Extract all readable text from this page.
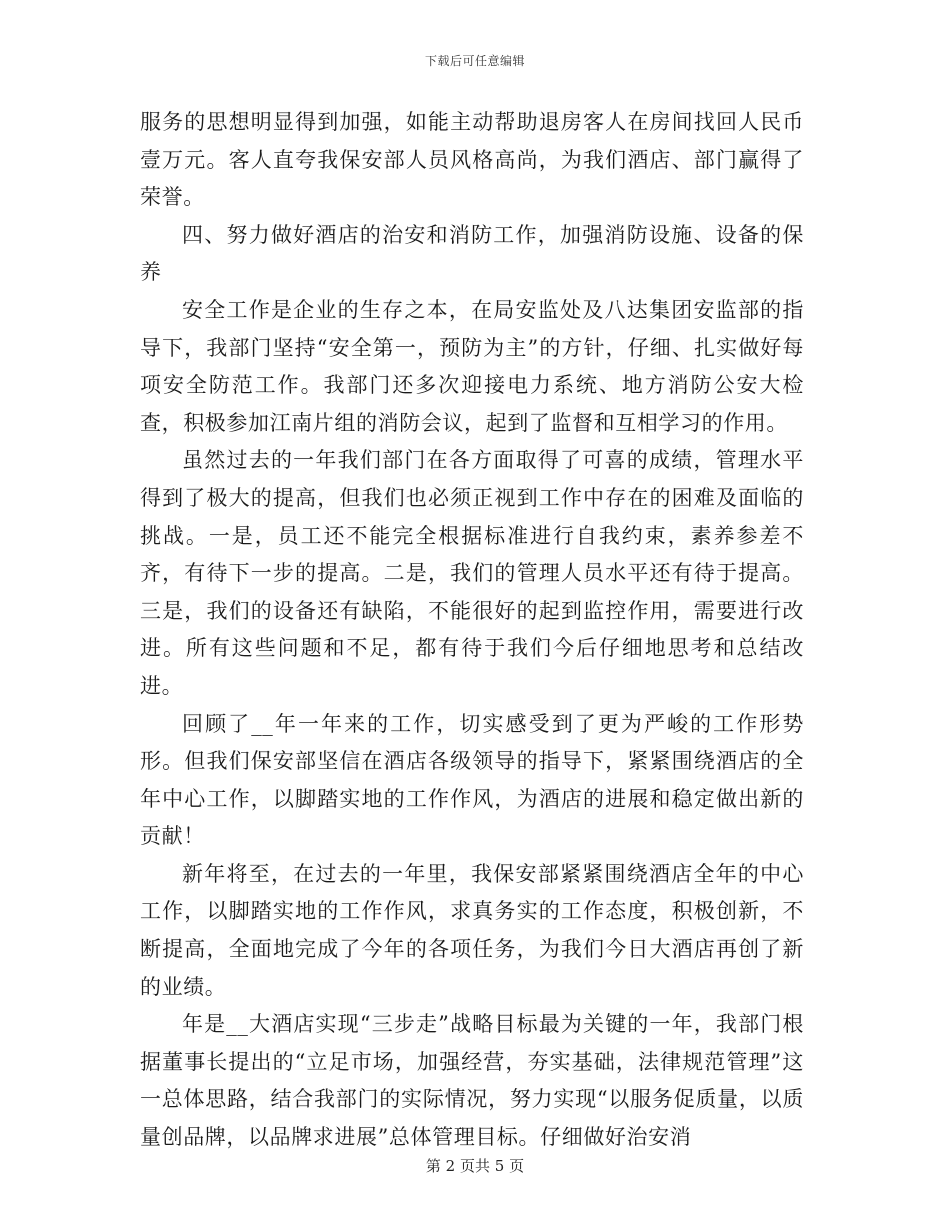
下载后可任意编辑

服务的思想明显得到加强，如能主动帮助退房客人在房间找回人民币壹万元。客人直夸我保安部人员风格高尚，为我们酒店、部门赢得了荣誉。

四、努力做好酒店的治安和消防工作，加强消防设施、设备的保养

安全工作是企业的生存之本，在局安监处及八达集团安监部的指导下，我部门坚持“安全第一，预防为主”的方针，仔细、扎实做好每项安全防范工作。我部门还多次迎接电力系统、地方消防公安大检查，积极参加江南片组的消防会议，起到了监督和互相学习的作用。

虽然过去的一年我们部门在各方面取得了可喜的成绩，管理水平得到了极大的提高，但我们也必须正视到工作中存在的困难及面临的挑战。一是，员工还不能完全根据标准进行自我约束，素养参差不齐，有待下一步的提高。二是，我们的管理人员水平还有待于提高。三是，我们的设备还有缺陷，不能很好的起到监控作用，需要进行改进。所有这些问题和不足，都有待于我们今后仔细地思考和总结改进。

回顾了__年一年来的工作，切实感受到了更为严峻的工作形势形。但我们保安部坚信在酒店各级领导的指导下，紧紧围绕酒店的全年中心工作，以脚踏实地的工作作风，为酒店的进展和稳定做出新的贡献！

新年将至，在过去的一年里，我保安部紧紧围绕酒店全年的中心工作，以脚踏实地的工作作风，求真务实的工作态度，积极创新，不断提高，全面地完成了今年的各项任务，为我们今日大酒店再创了新的业绩。

年是__大酒店实现“三步走”战略目标最为关键的一年，我部门根据董事长提出的“立足市场，加强经营，夯实基础，法律规范管理”这一总体思路，结合我部门的实际情况，努力实现“以服务促质量，以质量创品牌，以品牌求进展”总体管理目标。仔细做好治安消

第 2 页共 5 页
